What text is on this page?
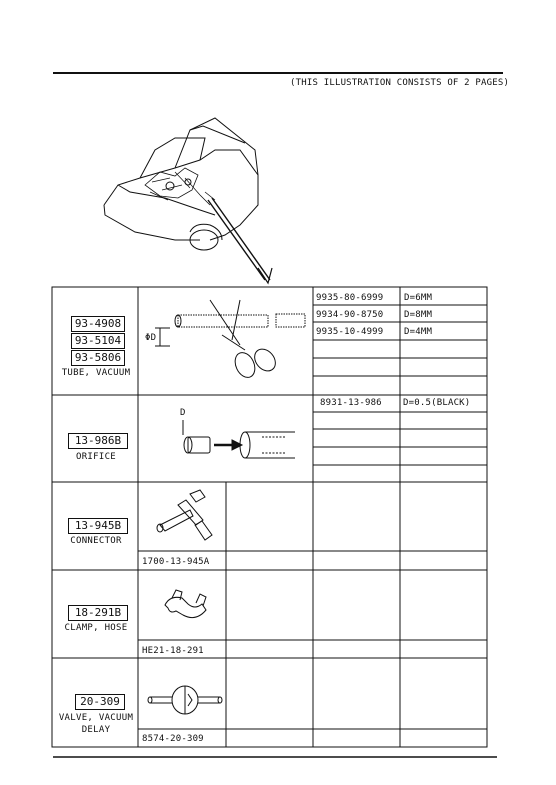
(THIS ILLUSTRATION CONSISTS OF 2 PAGES)
ΦD
D
93-4908
93-5104
93-5806
TUBE, VACUUM
9935-80-6999 D=6MM
9934-90-8750 D=8MM
9935-10-4999 D=4MM
13-986B
ORIFICE
8931-13-986 D=0.5(BLACK)
13-945B
CONNECTOR
1700-13-945A
18-291B
CLAMP, HOSE
HE21-18-291
20-309
VALVE, VACUUM
DELAY
8574-20-309
